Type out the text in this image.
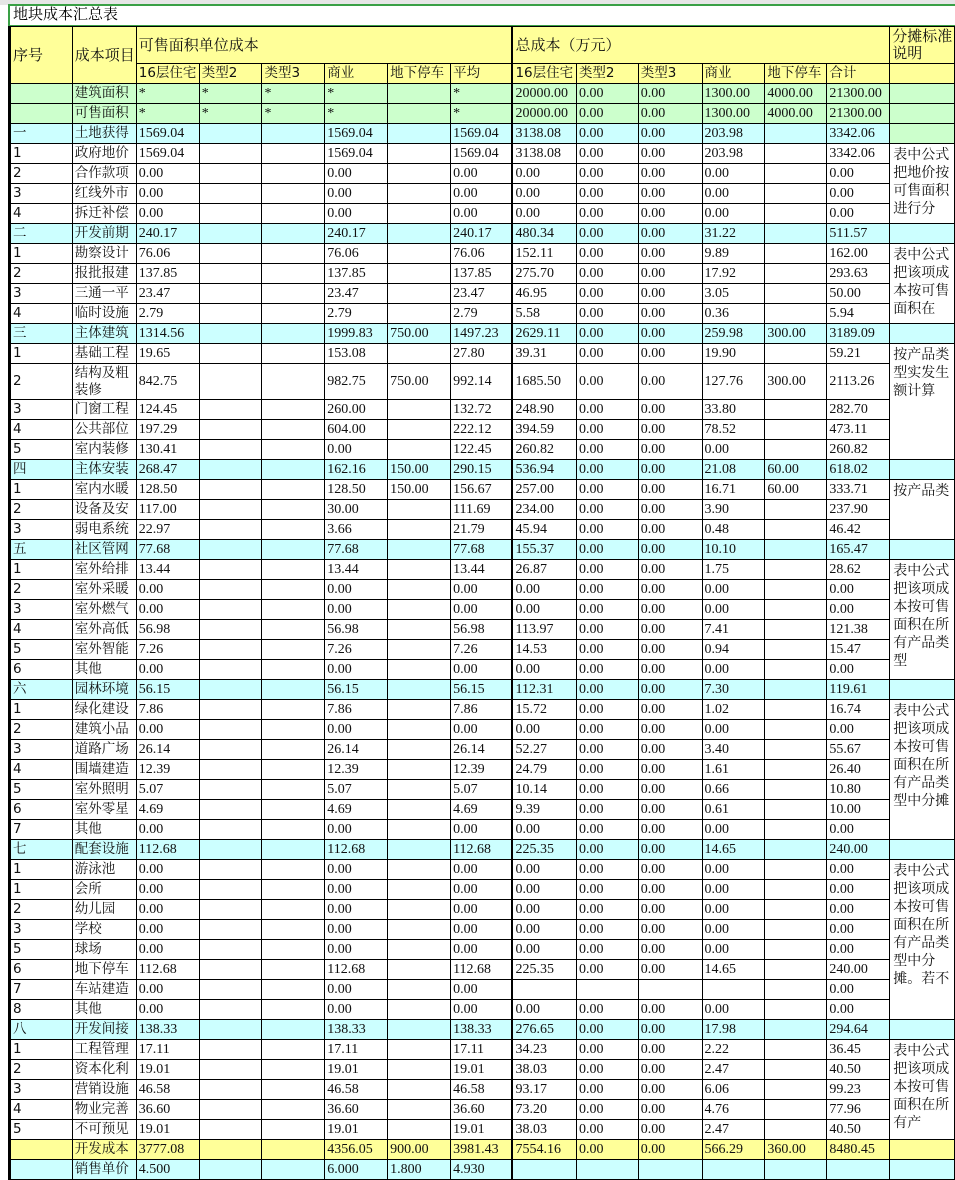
地块成本汇总表
序号	成本项目	可售面积单位成本						总成本（万元）						分摊标准说明
		16层住宅	类型2	类型3	商业	地下停车	平均	16层住宅	类型2	类型3	商业	地下停车	合计	
	建筑面积	*	*	*	*		*	20000.00	0.00	0.00	1300.00	4000.00	21300.00	
	可售面积	*	*	*	*		*	20000.00	0.00	0.00	1300.00	4000.00	21300.00	
一	土地获得	1569.04			1569.04		1569.04	3138.08	0.00	0.00	203.98		3342.06	
1	政府地价	1569.04			1569.04		1569.04	3138.08	0.00	0.00	203.98		3342.06	表中公式把地价按可售面积进行分

2	合作款项	0.00			0.00		0.00	0.00	0.00	0.00	0.00		0.00	
3	红线外市	0.00			0.00		0.00	0.00	0.00	0.00	0.00		0.00	
4	拆迁补偿	0.00			0.00		0.00	0.00	0.00	0.00	0.00		0.00	
二	开发前期	240.17			240.17		240.17	480.34	0.00	0.00	31.22		511.57	
1	勘察设计	76.06			76.06		76.06	152.11	0.00	0.00	9.89		162.00	表中公式把该项成本按可售面积在

2	报批报建	137.85			137.85		137.85	275.70	0.00	0.00	17.92		293.63	
3	三通一平	23.47			23.47		23.47	46.95	0.00	0.00	3.05		50.00	
4	临时设施	2.79			2.79		2.79	5.58	0.00	0.00	0.36		5.94	
三	主体建筑	1314.56			1999.83	750.00	1497.23	2629.11	0.00	0.00	259.98	300.00	3189.09	
1	基础工程	19.65			153.08		27.80	39.31	0.00	0.00	19.90		59.21	按产品类型实发生额计算

2	结构及粗装修	842.75			982.75	750.00	992.14	1685.50	0.00	0.00	127.76	300.00	2113.26	
3	门窗工程	124.45			260.00		132.72	248.90	0.00	0.00	33.80		282.70	
4	公共部位	197.29			604.00		222.12	394.59	0.00	0.00	78.52		473.11	
5	室内装修	130.41			0.00		122.45	260.82	0.00	0.00	0.00		260.82	
四	主体安装	268.47			162.16	150.00	290.15	536.94	0.00	0.00	21.08	60.00	618.02	
1	室内水暖	128.50			128.50	150.00	156.67	257.00	0.00	0.00	16.71	60.00	333.71	按产品类

2	设备及安	117.00			30.00		111.69	234.00	0.00	0.00	3.90		237.90	
3	弱电系统	22.97			3.66		21.79	45.94	0.00	0.00	0.48		46.42	
五	社区管网	77.68			77.68		77.68	155.37	0.00	0.00	10.10		165.47	
1	室外给排	13.44			13.44		13.44	26.87	0.00	0.00	1.75		28.62	表中公式把该项成本按可售面积在所有产品类型

2	室外采暖	0.00			0.00		0.00	0.00	0.00	0.00	0.00		0.00	
3	室外燃气	0.00			0.00		0.00	0.00	0.00	0.00	0.00		0.00	
4	室外高低	56.98			56.98		56.98	113.97	0.00	0.00	7.41		121.38	
5	室外智能	7.26			7.26		7.26	14.53	0.00	0.00	0.94		15.47	
6	其他	0.00			0.00		0.00	0.00	0.00	0.00	0.00		0.00	
六	园林环境	56.15			56.15		56.15	112.31	0.00	0.00	7.30		119.61	
1	绿化建设	7.86			7.86		7.86	15.72	0.00	0.00	1.02		16.74	表中公式把该项成本按可售面积在所有产品类型中分摊

2	建筑小品	0.00			0.00		0.00	0.00	0.00	0.00	0.00		0.00	
3	道路广场	26.14			26.14		26.14	52.27	0.00	0.00	3.40		55.67	
4	围墙建造	12.39			12.39		12.39	24.79	0.00	0.00	1.61		26.40	
5	室外照明	5.07			5.07		5.07	10.14	0.00	0.00	0.66		10.80	
6	室外零星	4.69			4.69		4.69	9.39	0.00	0.00	0.61		10.00	
7	其他	0.00			0.00		0.00	0.00	0.00	0.00	0.00		0.00	
七	配套设施	112.68			112.68		112.68	225.35	0.00	0.00	14.65		240.00	
1	游泳池	0.00			0.00		0.00	0.00	0.00	0.00	0.00		0.00	表中公式把该项成本按可售面积在所有产品类型中分摊。若不

1	会所	0.00			0.00		0.00	0.00	0.00	0.00	0.00		0.00	
2	幼儿园	0.00			0.00		0.00	0.00	0.00	0.00	0.00		0.00	
3	学校	0.00			0.00		0.00	0.00	0.00	0.00	0.00		0.00	
5	球场	0.00			0.00		0.00	0.00	0.00	0.00	0.00		0.00	
6	地下停车	112.68			112.68		112.68	225.35	0.00	0.00	14.65		240.00	
7	车站建造	0.00			0.00		0.00						0.00	
8	其他	0.00			0.00		0.00	0.00	0.00	0.00	0.00		0.00	
八	开发间接	138.33			138.33		138.33	276.65	0.00	0.00	17.98		294.64	
1	工程管理	17.11			17.11		17.11	34.23	0.00	0.00	2.22		36.45	表中公式把该项成本按可售面积在所有产

2	资本化利	19.01			19.01		19.01	38.03	0.00	0.00	2.47		40.50	
3	营销设施	46.58			46.58		46.58	93.17	0.00	0.00	6.06		99.23	
4	物业完善	36.60			36.60		36.60	73.20	0.00	0.00	4.76		77.96	
5	不可预见	19.01			19.01		19.01	38.03	0.00	0.00	2.47		40.50	
	开发成本	3777.08			4356.05	900.00	3981.43	7554.16	0.00	0.00	566.29	360.00	8480.45	
	销售单价	4.500			6.000	1.800	4.930							
